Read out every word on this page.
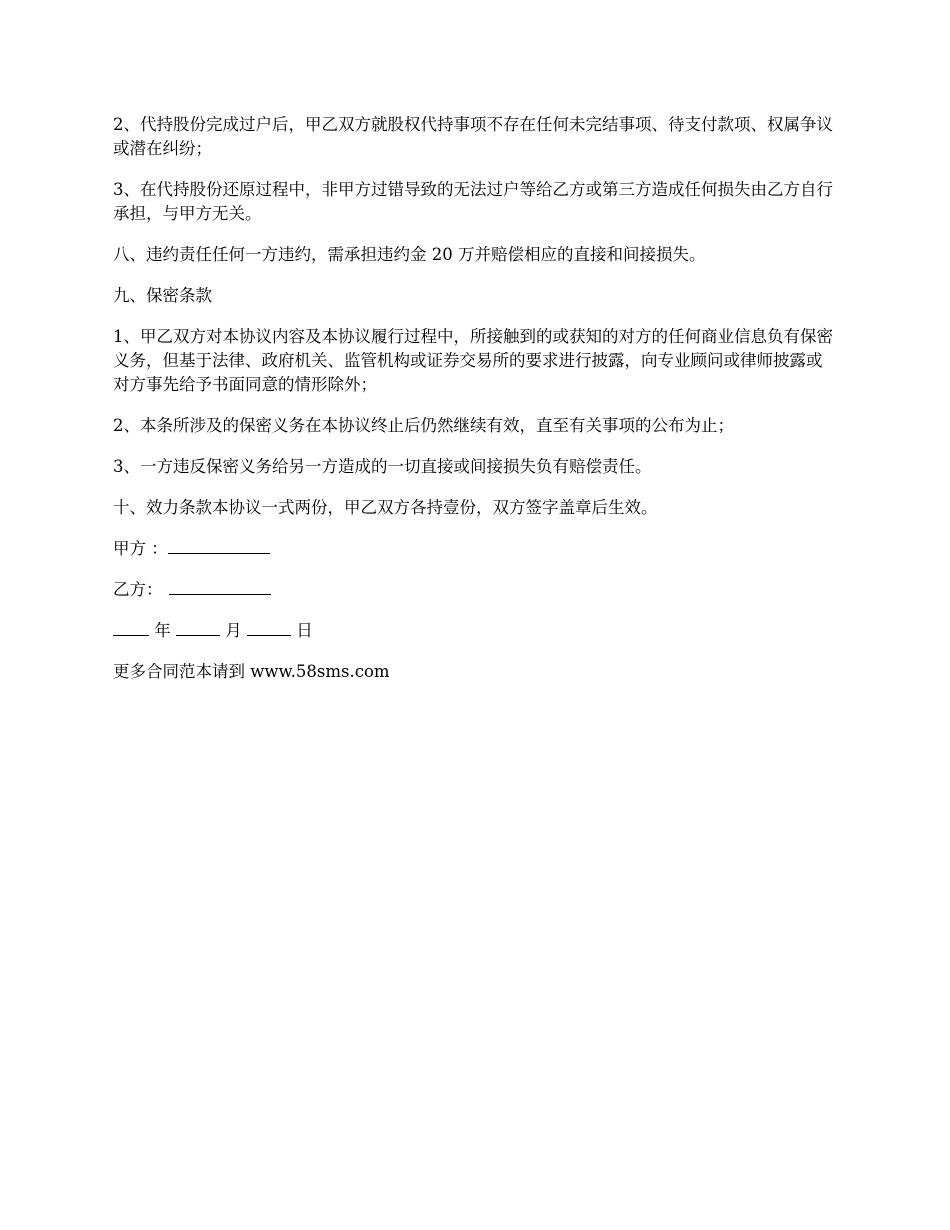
2、代持股份完成过户后，甲乙双方就股权代持事项不存在任何未完结事项、待支付款项、权属争议或潜在纠纷；

3、在代持股份还原过程中，非甲方过错导致的无法过户等给乙方或第三方造成任何损失由乙方自行承担，与甲方无关。

八、违约责任任何一方违约，需承担违约金 20 万并赔偿相应的直接和间接损失。

九、保密条款

1、甲乙双方对本协议内容及本协议履行过程中，所接触到的或获知的对方的任何商业信息负有保密义务，但基于法律、政府机关、监管机构或证券交易所的要求进行披露，向专业顾问或律师披露或对方事先给予书面同意的情形除外；

2、本条所涉及的保密义务在本协议终止后仍然继续有效，直至有关事项的公布为止；

3、一方违反保密义务给另一方造成的一切直接或间接损失负有赔偿责任。

十、效力条款本协议一式两份，甲乙双方各持壹份，双方签字盖章后生效。

甲方 ：
乙方：
年	月	日

更多合同范本请到 www.58sms.com
